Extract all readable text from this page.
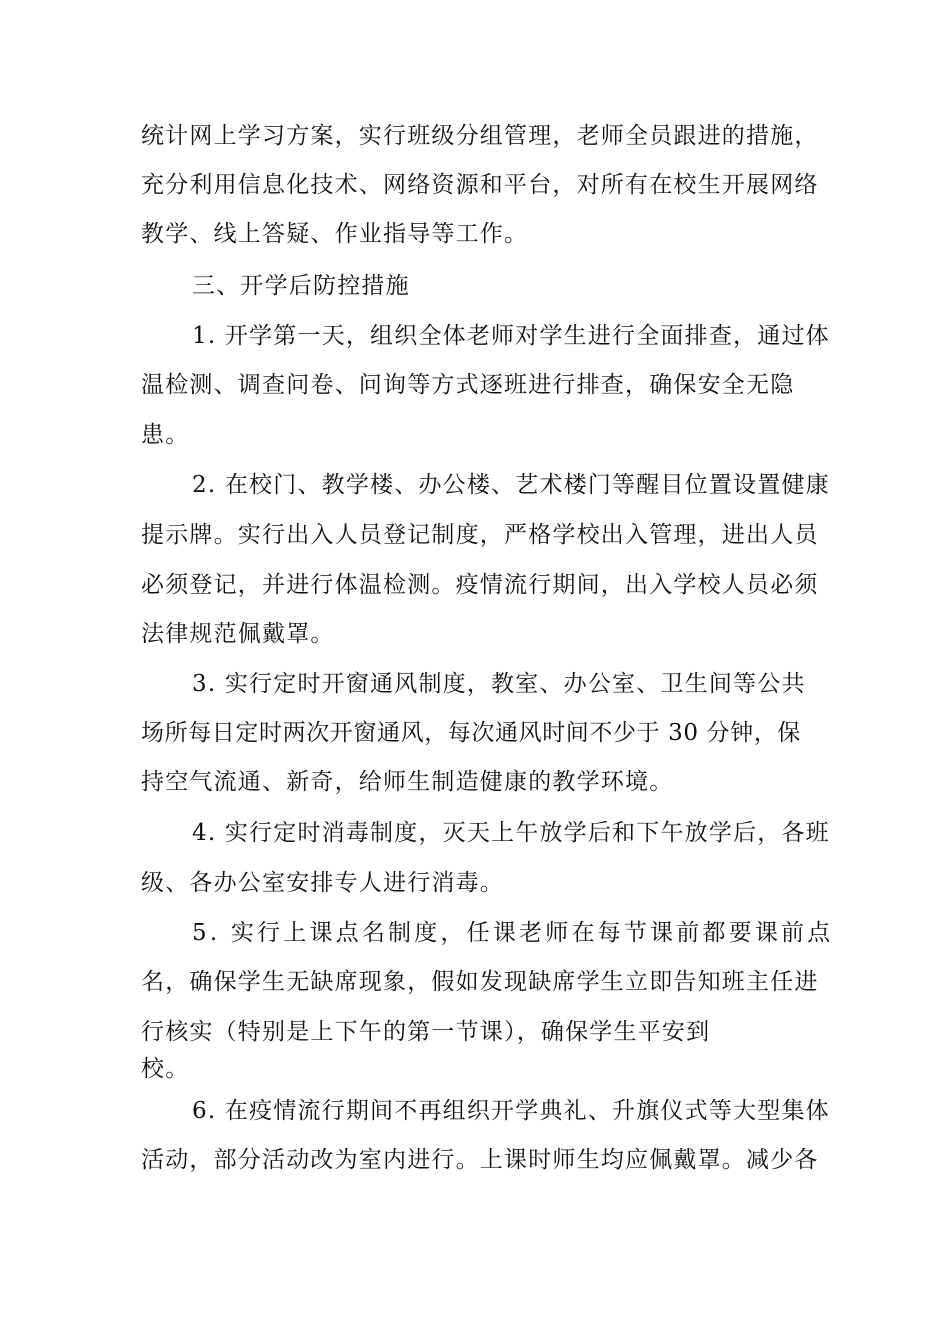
统计网上学习方案，实行班级分组管理，老师全员跟进的措施，
充分利用信息化技术、网络资源和平台，对所有在校生开展网络
教学、线上答疑、作业指导等工作。
三、开学后防控措施
1. 开学第一天，组织全体老师对学生进行全面排查，通过体
温检测、调查问卷、问询等方式逐班进行排查，确保安全无隐
患。
2. 在校门、教学楼、办公楼、艺术楼门等醒目位置设置健康
提示牌。实行出入人员登记制度，严格学校出入管理，进出人员
必须登记，并进行体温检测。疫情流行期间，出入学校人员必须
法律规范佩戴罩。
3. 实行定时开窗通风制度，教室、办公室、卫生间等公共
场所每日定时两次开窗通风，每次通风时间不少于 30 分钟，保
持空气流通、新奇，给师生制造健康的教学环境。
4. 实行定时消毒制度，灭天上午放学后和下午放学后，各班
级、各办公室安排专人进行消毒。
5. 实行上课点名制度，任课老师在每节课前都要课前点
名，确保学生无缺席现象，假如发现缺席学生立即告知班主任进
行核实（特别是上下午的第一节课），确保学生平安到
校。
6. 在疫情流行期间不再组织开学典礼、升旗仪式等大型集体
活动，部分活动改为室内进行。上课时师生均应佩戴罩。减少各
